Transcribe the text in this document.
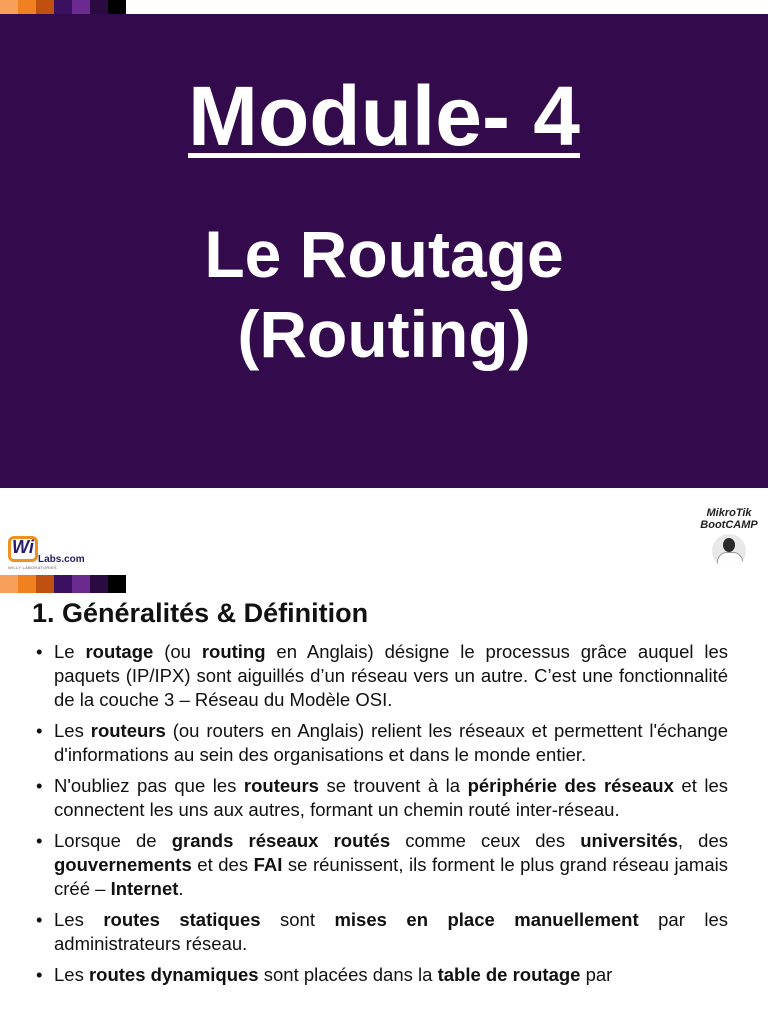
Module- 4
Le Routage
(Routing)
Wi
Labs.com
WILLY LABORATORIES
MikroTik
BootCAMP
1. Généralités & Définition
• Le routage (ou routing en Anglais) désigne le processus grâce auquel les paquets (IP/IPX) sont aiguillés d’un réseau vers un autre. C’est une fonctionnalité de la couche 3 – Réseau du Modèle OSI.
• Les routeurs (ou routers en Anglais) relient les réseaux et permettent l'échange d'informations au sein des organisations et dans le monde entier.
• N'oubliez pas que les routeurs se trouvent à la périphérie des réseaux et les connectent les uns aux autres, formant un chemin routé inter-réseau.
• Lorsque de grands réseaux routés comme ceux des universités, des gouvernements et des FAI se réunissent, ils forment le plus grand réseau jamais créé – Internet.
• Les routes statiques sont mises en place manuellement par les administrateurs réseau.
• Les routes dynamiques sont placées dans la table de routage par
